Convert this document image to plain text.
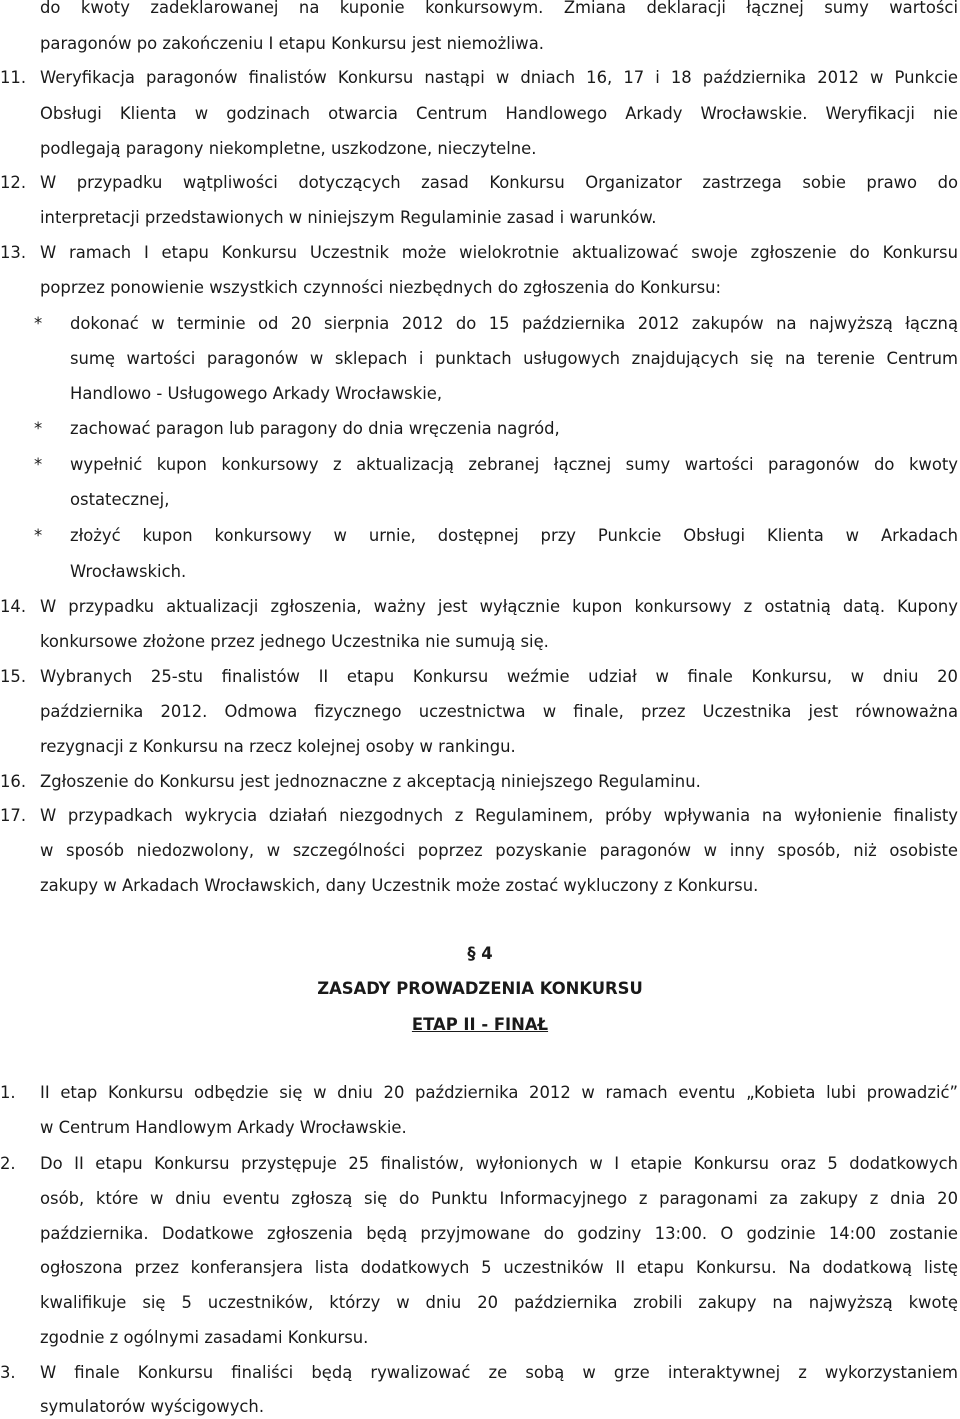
do kwoty zadeklarowanej na kuponie konkursowym. Zmiana deklaracji łącznej sumy wartości
paragonów po zakończeniu I etapu Konkursu jest niemożliwa.
11. Weryfikacja paragonów finalistów Konkursu nastąpi w dniach 16, 17 i 18 października 2012 w Punkcie
Obsługi Klienta w godzinach otwarcia Centrum Handlowego Arkady Wrocławskie. Weryfikacji nie
podlegają paragony niekompletne, uszkodzone, nieczytelne.
12. W przypadku wątpliwości dotyczących zasad Konkursu Organizator zastrzega sobie prawo do
interpretacji przedstawionych w niniejszym Regulaminie zasad i warunków.
13. W ramach I etapu Konkursu Uczestnik może wielokrotnie aktualizować swoje zgłoszenie do Konkursu
poprzez ponowienie wszystkich czynności niezbędnych do zgłoszenia do Konkursu:
* dokonać w terminie od 20 sierpnia 2012 do 15 października 2012 zakupów na najwyższą łączną
sumę wartości paragonów w sklepach i punktach usługowych znajdujących się na terenie Centrum
Handlowo - Usługowego Arkady Wrocławskie,
* zachować paragon lub paragony do dnia wręczenia nagród,
* wypełnić kupon konkursowy z aktualizacją zebranej łącznej sumy wartości paragonów do kwoty
ostatecznej,
* złożyć kupon konkursowy w urnie, dostępnej przy Punkcie Obsługi Klienta w Arkadach
Wrocławskich.
14. W przypadku aktualizacji zgłoszenia, ważny jest wyłącznie kupon konkursowy z ostatnią datą. Kupony
konkursowe złożone przez jednego Uczestnika nie sumują się.
15. Wybranych 25-stu finalistów II etapu Konkursu weźmie udział w finale Konkursu, w dniu 20
października 2012. Odmowa fizycznego uczestnictwa w finale, przez Uczestnika jest równoważna
rezygnacji z Konkursu na rzecz kolejnej osoby w rankingu.
16. Zgłoszenie do Konkursu jest jednoznaczne z akceptacją niniejszego Regulaminu.
17. W przypadkach wykrycia działań niezgodnych z Regulaminem, próby wpływania na wyłonienie finalisty
w sposób niedozwolony, w szczególności poprzez pozyskanie paragonów w inny sposób, niż osobiste
zakupy w Arkadach Wrocławskich, dany Uczestnik może zostać wykluczony z Konkursu.
§ 4
ZASADY PROWADZENIA KONKURSU
ETAP II - FINAŁ
1. II etap Konkursu odbędzie się w dniu 20 października 2012 w ramach eventu „Kobieta lubi prowadzić”
w Centrum Handlowym Arkady Wrocławskie.
2. Do II etapu Konkursu przystępuje 25 finalistów, wyłonionych w I etapie Konkursu oraz 5 dodatkowych
osób, które w dniu eventu zgłoszą się do Punktu Informacyjnego z paragonami za zakupy z dnia 20
października. Dodatkowe zgłoszenia będą przyjmowane do godziny 13:00. O godzinie 14:00 zostanie
ogłoszona przez konferansjera lista dodatkowych 5 uczestników II etapu Konkursu. Na dodatkową listę
kwalifikuje się 5 uczestników, którzy w dniu 20 października zrobili zakupy na najwyższą kwotę
zgodnie z ogólnymi zasadami Konkursu.
3. W finale Konkursu finaliści będą rywalizować ze sobą w grze interaktywnej z wykorzystaniem
symulatorów wyścigowych.
